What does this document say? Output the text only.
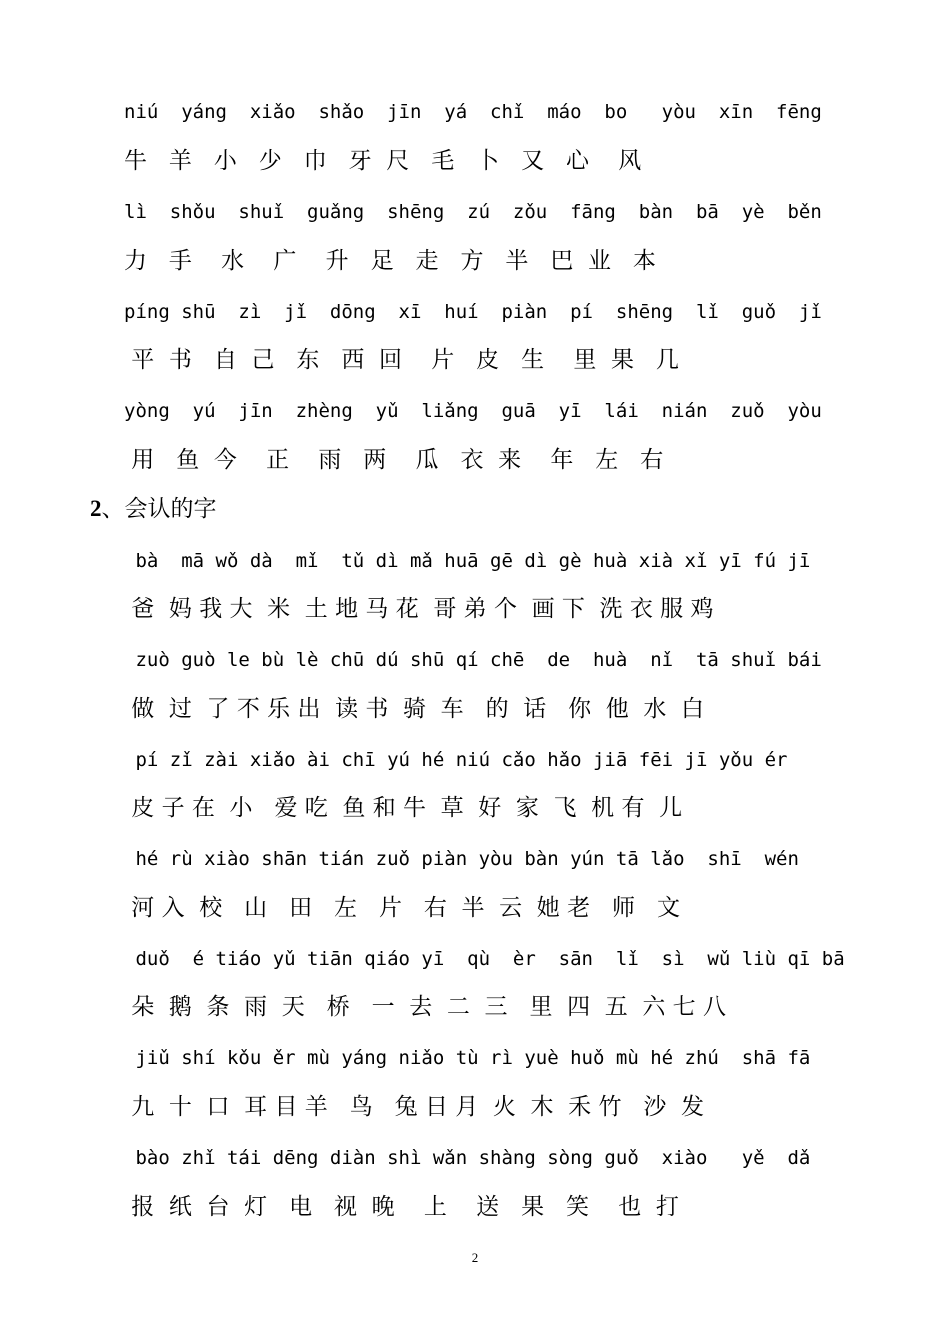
niú  yáng  xiǎo  shǎo  jīn  yá  chǐ  máo  bo   yòu  xīn  fēng
牛   羊   小   少   巾   牙  尺   毛   卜   又   心    风
lì  shǒu  shuǐ  guǎng  shēng  zú  zǒu  fāng  bàn  bā  yè  běn
力   手    水    广    升   足   走   方   半   巴  业   本
píng shū  zì  jǐ  dōng  xī  huí  piàn  pí  shēng  lǐ  guǒ  jǐ
平  书   自  己   东   西  回    片   皮   生    里  果   几
yòng  yú  jīn  zhèng  yǔ  liǎng  guā  yī  lái  nián  zuǒ  yòu
用   鱼  今    正    雨   两    瓜   衣  来    年   左   右
2、会认的字
bà  mā wǒ dà  mǐ  tǔ dì mǎ huā gē dì gè huà xià xǐ yī fú jī
爸  妈 我 大  米  土 地 马 花  哥 弟 个  画 下  洗 衣 服 鸡
zuò guò le bù lè chū dú shū qí chē  de  huà  nǐ  tā shuǐ bái
做  过  了 不 乐 出  读 书  骑  车   的  话   你  他  水  白
pí zǐ zài xiǎo ài chī yú hé niú cǎo hǎo jiā fēi jī yǒu ér
皮 子 在  小   爱 吃  鱼 和 牛  草  好  家  飞  机 有  儿
hé rù xiào shān tián zuǒ piàn yòu bàn yún tā lǎo  shī  wén
河 入  校   山   田   左   片   右  半  云  她 老   师   文
duǒ  é tiáo yǔ tiān qiáo yī  qù  èr  sān  lǐ  sì  wǔ liù qī bā
朵  鹅  条  雨  天   桥   一  去  二  三   里  四  五  六 七 八
jiǔ shí kǒu ěr mù yáng niǎo tù rì yuè huǒ mù hé zhú  shā fā
九  十  口  耳 目 羊   鸟   兔 日 月  火  木  禾 竹   沙  发
bào zhǐ tái dēng diàn shì wǎn shàng sòng guǒ  xiào   yě  dǎ
报  纸  台  灯   电   视  晚    上    送   果   笑    也  打
2
